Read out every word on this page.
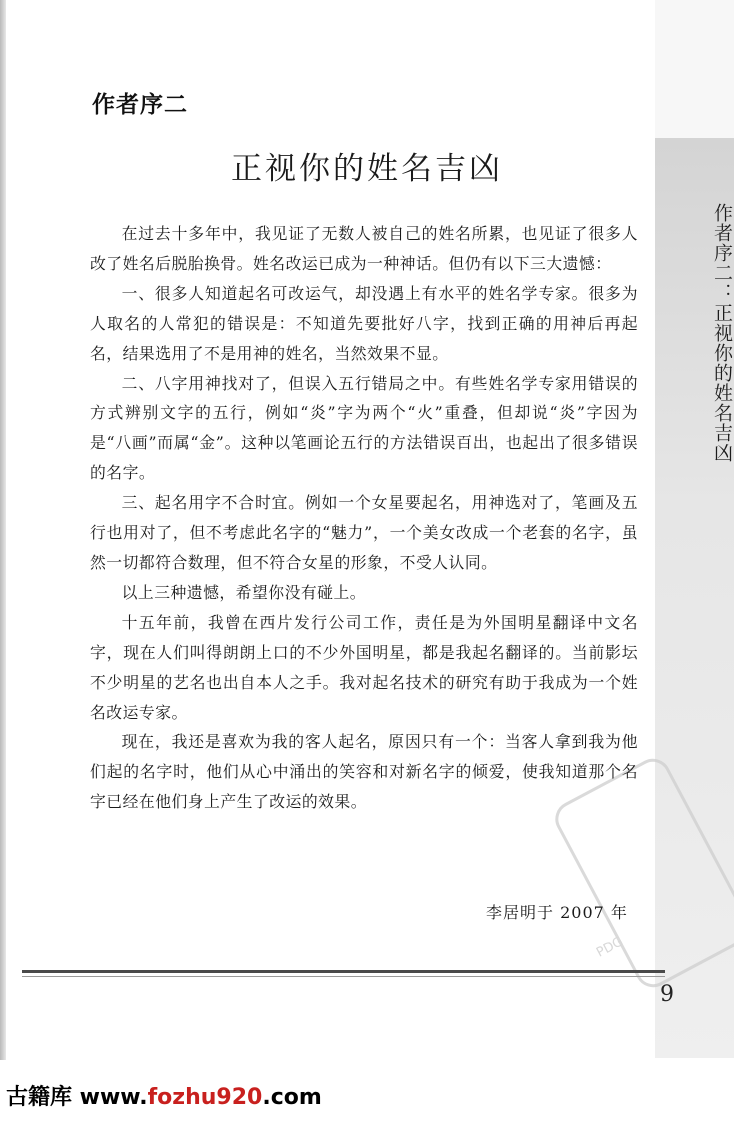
作者序二：正视你的姓名吉凶
PDG
作者序二
正视你的姓名吉凶

在过去十多年中，我见证了无数人被自己的姓名所累，也见证了很多人改了姓名后脱胎换骨。姓名改运已成为一种神话。但仍有以下三大遗憾：

一、很多人知道起名可改运气，却没遇上有水平的姓名学专家。很多为人取名的人常犯的错误是：不知道先要批好八字，找到正确的用神后再起名，结果选用了不是用神的姓名，当然效果不显。

二、八字用神找对了，但误入五行错局之中。有些姓名学专家用错误的方式辨别文字的五行，例如“炎”字为两个“火”重叠，但却说“炎”字因为是“八画”而属“金”。这种以笔画论五行的方法错误百出，也起出了很多错误的名字。

三、起名用字不合时宜。例如一个女星要起名，用神选对了，笔画及五行也用对了，但不考虑此名字的“魅力”，一个美女改成一个老套的名字，虽然一切都符合数理，但不符合女星的形象，不受人认同。

以上三种遗憾，希望你没有碰上。

十五年前，我曾在西片发行公司工作，责任是为外国明星翻译中文名字，现在人们叫得朗朗上口的不少外国明星，都是我起名翻译的。当前影坛不少明星的艺名也出自本人之手。我对起名技术的研究有助于我成为一个姓名改运专家。

现在，我还是喜欢为我的客人起名，原因只有一个：当客人拿到我为他们起的名字时，他们从心中涌出的笑容和对新名字的倾爱，使我知道那个名字已经在他们身上产生了改运的效果。

李居明于 2007 年
9
古籍库 www.fozhu920.com
